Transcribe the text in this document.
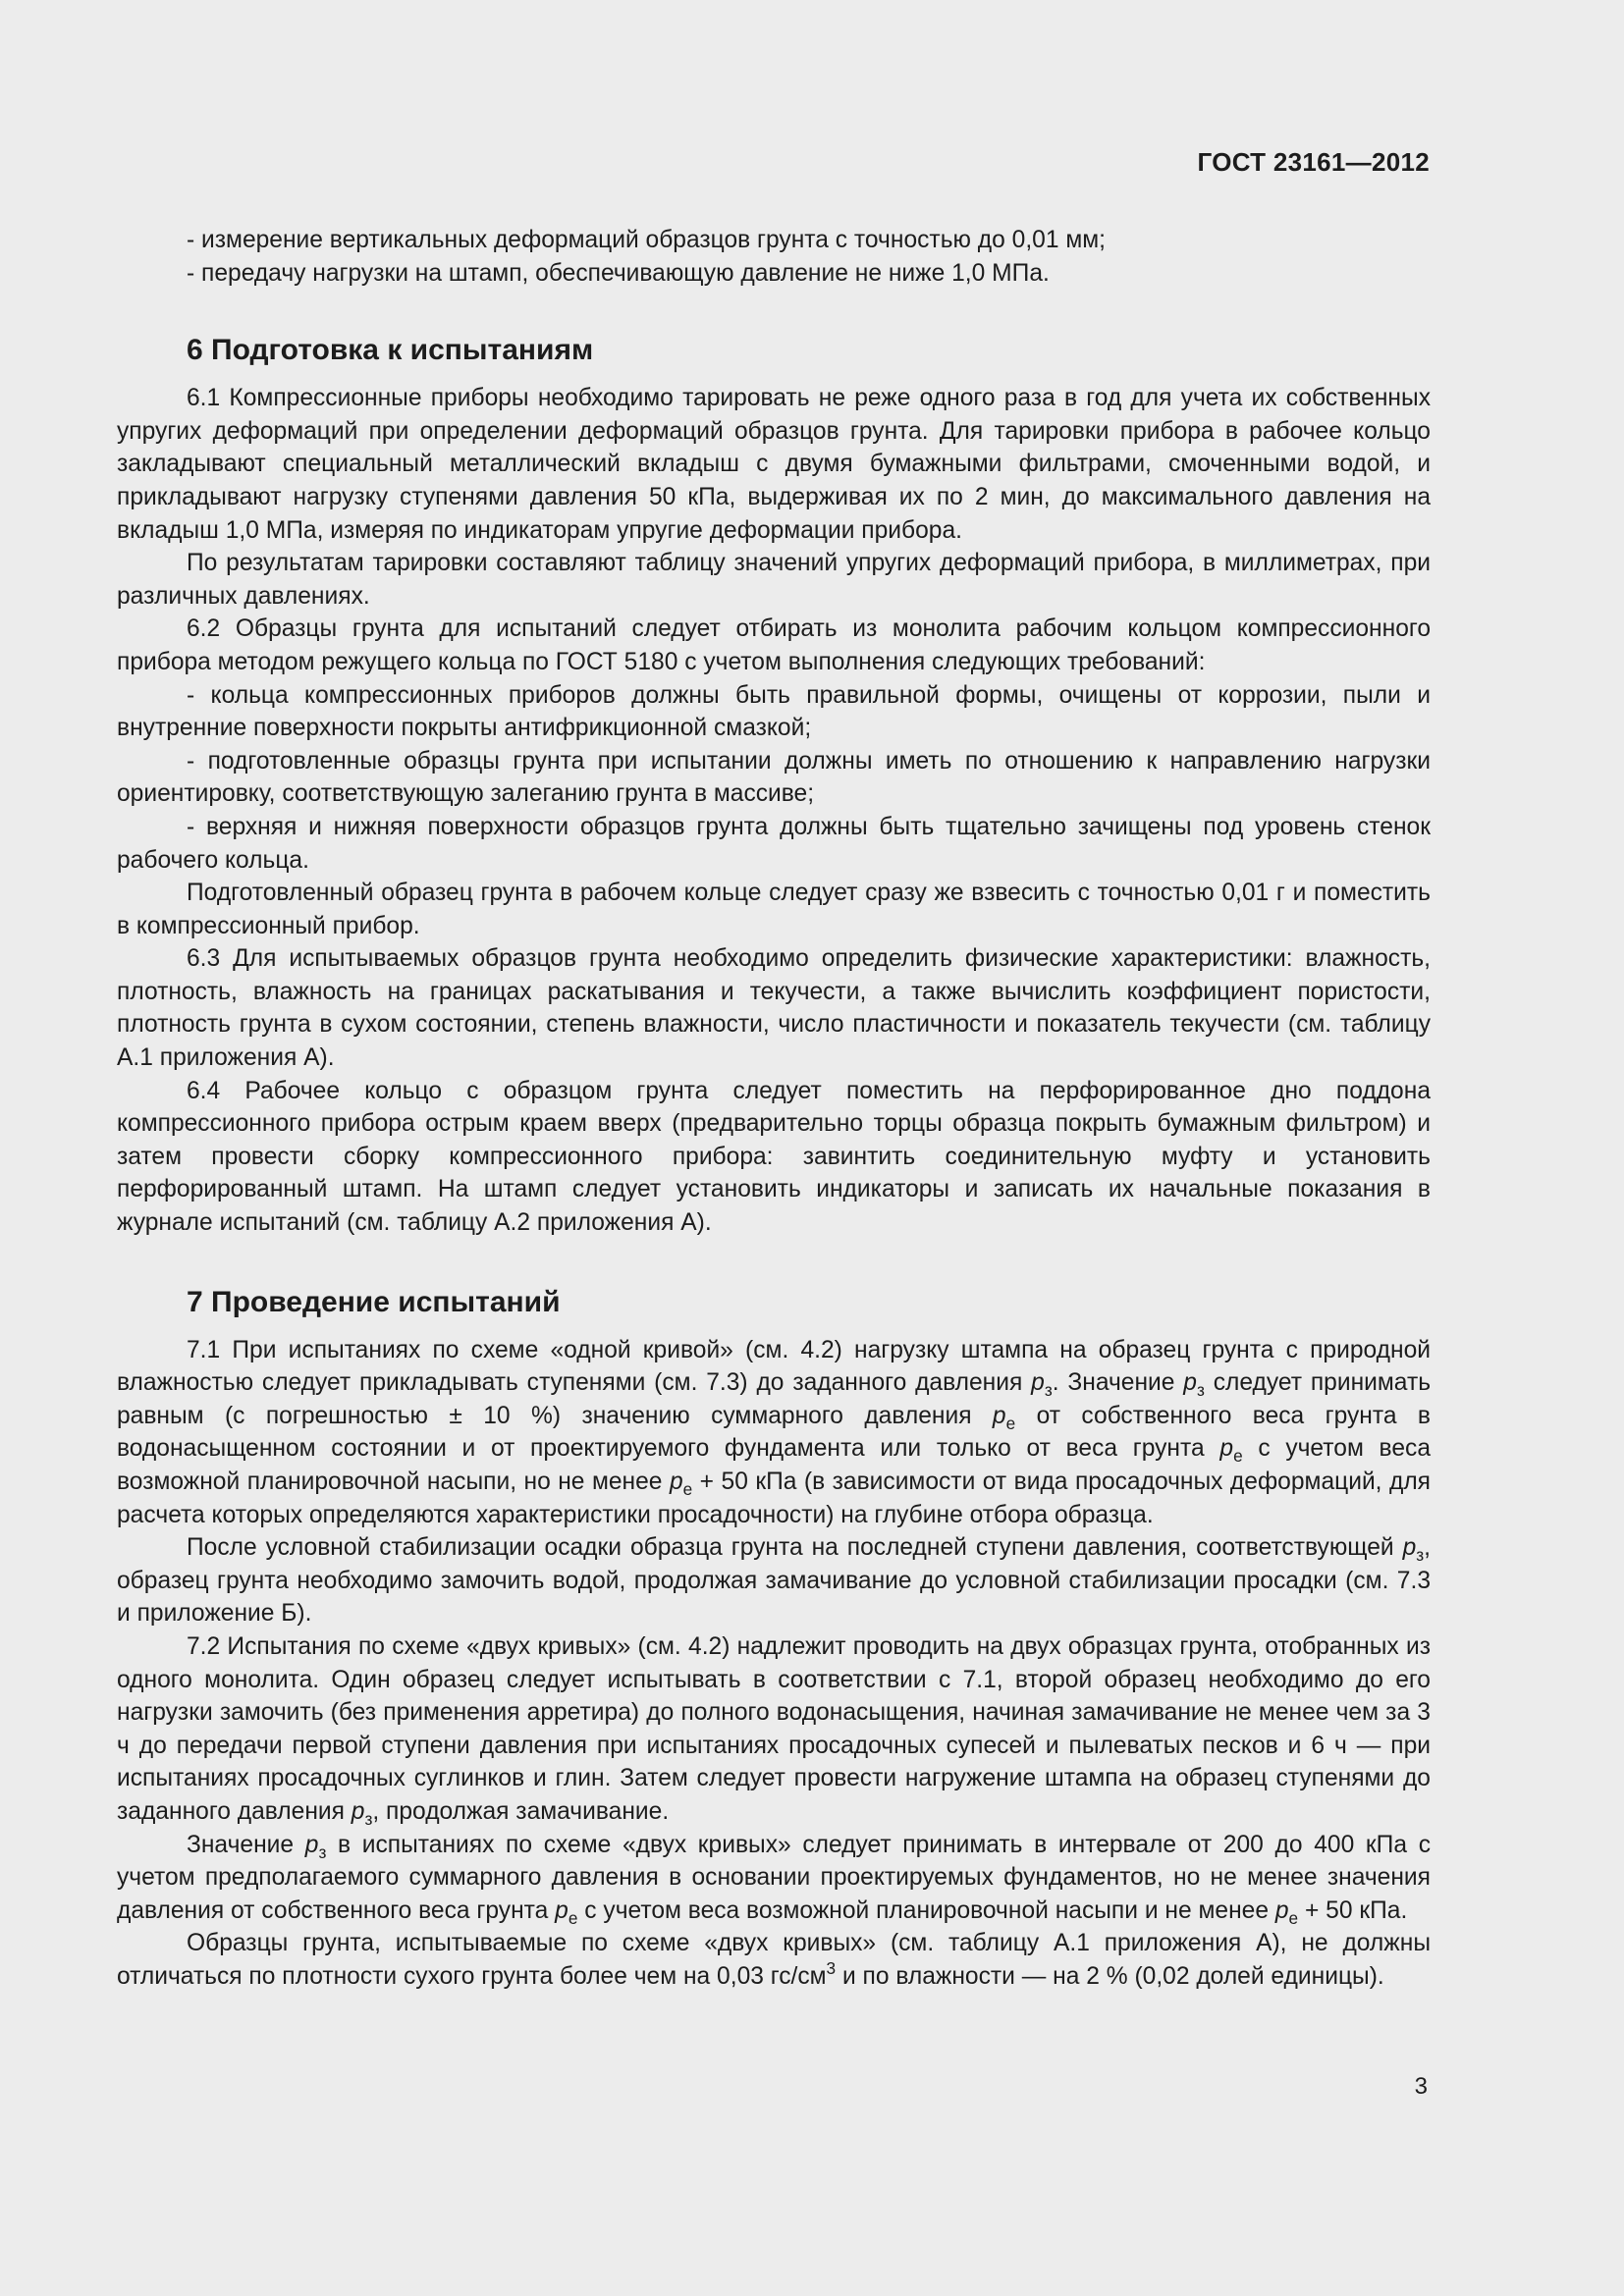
ГОСТ 23161—2012

- измерение вертикальных деформаций образцов грунта с точностью до 0,01 мм;

- передачу нагрузки на штамп, обеспечивающую давление не ниже 1,0 МПа.

6 Подготовка к испытаниям

6.1 Компрессионные приборы необходимо тарировать не реже одного раза в год для учета их собственных упругих деформаций при определении деформаций образцов грунта. Для тарировки прибора в рабочее кольцо закладывают специальный металлический вкладыш с двумя бумажными фильтрами, смоченными водой, и прикладывают нагрузку ступенями давления 50 кПа, выдерживая их по 2 мин, до максимального давления на вкладыш 1,0 МПа, измеряя по индикаторам упругие деформации прибора.

По результатам тарировки составляют таблицу значений упругих деформаций прибора, в миллиметрах, при различных давлениях.

6.2 Образцы грунта для испытаний следует отбирать из монолита рабочим кольцом компрессионного прибора методом режущего кольца по ГОСТ 5180 с учетом выполнения следующих требований:

- кольца компрессионных приборов должны быть правильной формы, очищены от коррозии, пыли и внутренние поверхности покрыты антифрикционной смазкой;

- подготовленные образцы грунта при испытании должны иметь по отношению к направлению нагрузки ориентировку, соответствующую залеганию грунта в массиве;

- верхняя и нижняя поверхности образцов грунта должны быть тщательно зачищены под уровень стенок рабочего кольца.

Подготовленный образец грунта в рабочем кольце следует сразу же взвесить с точностью 0,01 г и поместить в компрессионный прибор.

6.3 Для испытываемых образцов грунта необходимо определить физические характеристики: влажность, плотность, влажность на границах раскатывания и текучести, а также вычислить коэффициент пористости, плотность грунта в сухом состоянии, степень влажности, число пластичности и показатель текучести (см. таблицу А.1 приложения А).

6.4 Рабочее кольцо с образцом грунта следует поместить на перфорированное дно поддона компрессионного прибора острым краем вверх (предварительно торцы образца покрыть бумажным фильтром) и затем провести сборку компрессионного прибора: завинтить соединительную муфту и установить перфорированный штамп. На штамп следует установить индикаторы и записать их начальные показания в журнале испытаний (см. таблицу А.2 приложения А).

7 Проведение испытаний

7.1 При испытаниях по схеме «одной кривой» (см. 4.2) нагрузку штампа на образец грунта с природной влажностью следует прикладывать ступенями (см. 7.3) до заданного давления $p_з$. Значение $p_з$ следует принимать равным (с погрешностью ± 10 %) значению суммарного давления $p_e$ от собственного веса грунта в водонасыщенном состоянии и от проектируемого фундамента или только от веса грунта $p_e$ с учетом веса возможной планировочной насыпи, но не менее $p_e + 50$ кПа (в зависимости от вида просадочных деформаций, для расчета которых определяются характеристики просадочности) на глубине отбора образца.

После условной стабилизации осадки образца грунта на последней ступени давления, соответствующей $p_з$, образец грунта необходимо замочить водой, продолжая замачивание до условной стабилизации просадки (см. 7.3 и приложение Б).

7.2 Испытания по схеме «двух кривых» (см. 4.2) надлежит проводить на двух образцах грунта, отобранных из одного монолита. Один образец следует испытывать в соответствии с 7.1, второй образец необходимо до его нагрузки замочить (без применения арретира) до полного водонасыщения, начиная замачивание не менее чем за 3 ч до передачи первой ступени давления при испытаниях просадочных супесей и пылеватых песков и 6 ч — при испытаниях просадочных суглинков и глин. Затем следует провести нагружение штампа на образец ступенями до заданного давления $p_з$, продолжая замачивание.

Значение $p_з$ в испытаниях по схеме «двух кривых» следует принимать в интервале от 200 до 400 кПа с учетом предполагаемого суммарного давления в основании проектируемых фундаментов, но не менее значения давления от собственного веса грунта $p_e$ с учетом веса возможной планировочной насыпи и не менее $p_e + 50$ кПа.

Образцы грунта, испытываемые по схеме «двух кривых» (см. таблицу А.1 приложения А), не должны отличаться по плотности сухого грунта более чем на 0,03 $гс/см^3$ и по влажности — на 2 % (0,02 долей единицы).

3
